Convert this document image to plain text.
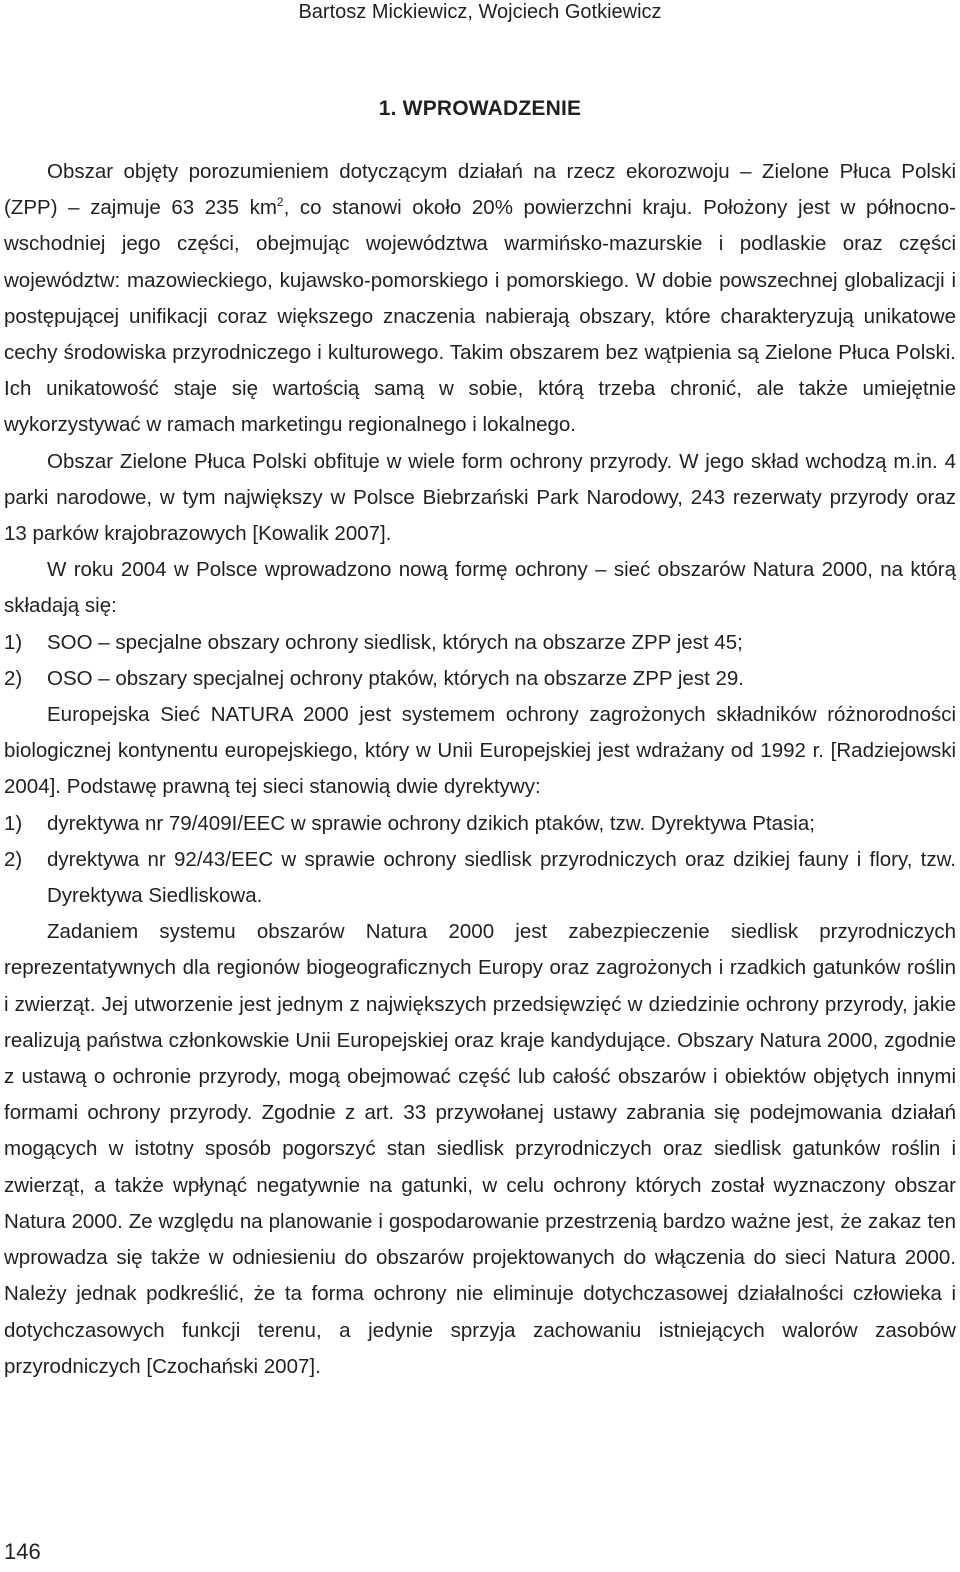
Bartosz Mickiewicz, Wojciech Gotkiewicz
1. WPROWADZENIE

Obszar objęty porozumieniem dotyczącym działań na rzecz ekorozwoju – Zielone Płuca Polski (ZPP) – zajmuje 63 235 $km^2$, co stanowi około 20% powierzchni kraju. Położony jest w północno-wschodniej jego części, obejmując województwa warmińsko-mazurskie i podlaskie oraz części województw: mazowieckiego, kujawsko-pomorskiego i pomorskiego. W dobie powszechnej globalizacji i postępującej unifikacji coraz większego znaczenia nabierają obszary, które charakteryzują unikatowe cechy środowiska przyrodniczego i kulturowego. Takim obszarem bez wątpienia są Zielone Płuca Polski. Ich unikatowość staje się wartością samą w sobie, którą trzeba chronić, ale także umiejętnie wykorzystywać w ramach marketingu regionalnego i lokalnego.

Obszar Zielone Płuca Polski obfituje w wiele form ochrony przyrody. W jego skład wchodzą m.in. 4 parki narodowe, w tym największy w Polsce Biebrzański Park Narodowy, 243 rezerwaty przyrody oraz 13 parków krajobrazowych [Kowalik 2007].

W roku 2004 w Polsce wprowadzono nową formę ochrony – sieć obszarów Natura 2000, na którą składają się:

1)	SOO – specjalne obszary ochrony siedlisk, których na obszarze ZPP jest 45;
2)	OSO – obszary specjalnej ochrony ptaków, których na obszarze ZPP jest 29.

Europejska Sieć NATURA 2000 jest systemem ochrony zagrożonych składników różnorodności biologicznej kontynentu europejskiego, który w Unii Europejskiej jest wdrażany od 1992 r. [Radziejowski 2004]. Podstawę prawną tej sieci stanowią dwie dyrektywy:

1)	dyrektywa nr 79/409I/EEC w sprawie ochrony dzikich ptaków, tzw. Dyrektywa Ptasia;
2)	dyrektywa nr 92/43/EEC w sprawie ochrony siedlisk przyrodniczych oraz dzikiej fauny i flory, tzw. Dyrektywa Siedliskowa.

Zadaniem systemu obszarów Natura 2000 jest zabezpieczenie siedlisk przyrodniczych reprezentatywnych dla regionów biogeograficznych Europy oraz zagrożonych i rzadkich gatunków roślin i zwierząt. Jej utworzenie jest jednym z największych przedsięwzięć w dziedzinie ochrony przyrody, jakie realizują państwa członkowskie Unii Europejskiej oraz kraje kandydujące. Obszary Natura 2000, zgodnie z ustawą o ochronie przyrody, mogą obejmować część lub całość obszarów i obiektów objętych innymi formami ochrony przyrody. Zgodnie z art. 33 przywołanej ustawy zabrania się podejmowania działań mogących w istotny sposób pogorszyć stan siedlisk przyrodniczych oraz siedlisk gatunków roślin i zwierząt, a także wpłynąć negatywnie na gatunki, w celu ochrony których został wyznaczony obszar Natura 2000. Ze względu na planowanie i gospodarowanie przestrzenią bardzo ważne jest, że zakaz ten wprowadza się także w odniesieniu do obszarów projektowanych do włączenia do sieci Natura 2000. Należy jednak podkreślić, że ta forma ochrony nie eliminuje dotychczasowej działalności człowieka i dotychczasowych funkcji terenu, a jedynie sprzyja zachowaniu istniejących walorów zasobów przyrodniczych [Czochański 2007].

146
